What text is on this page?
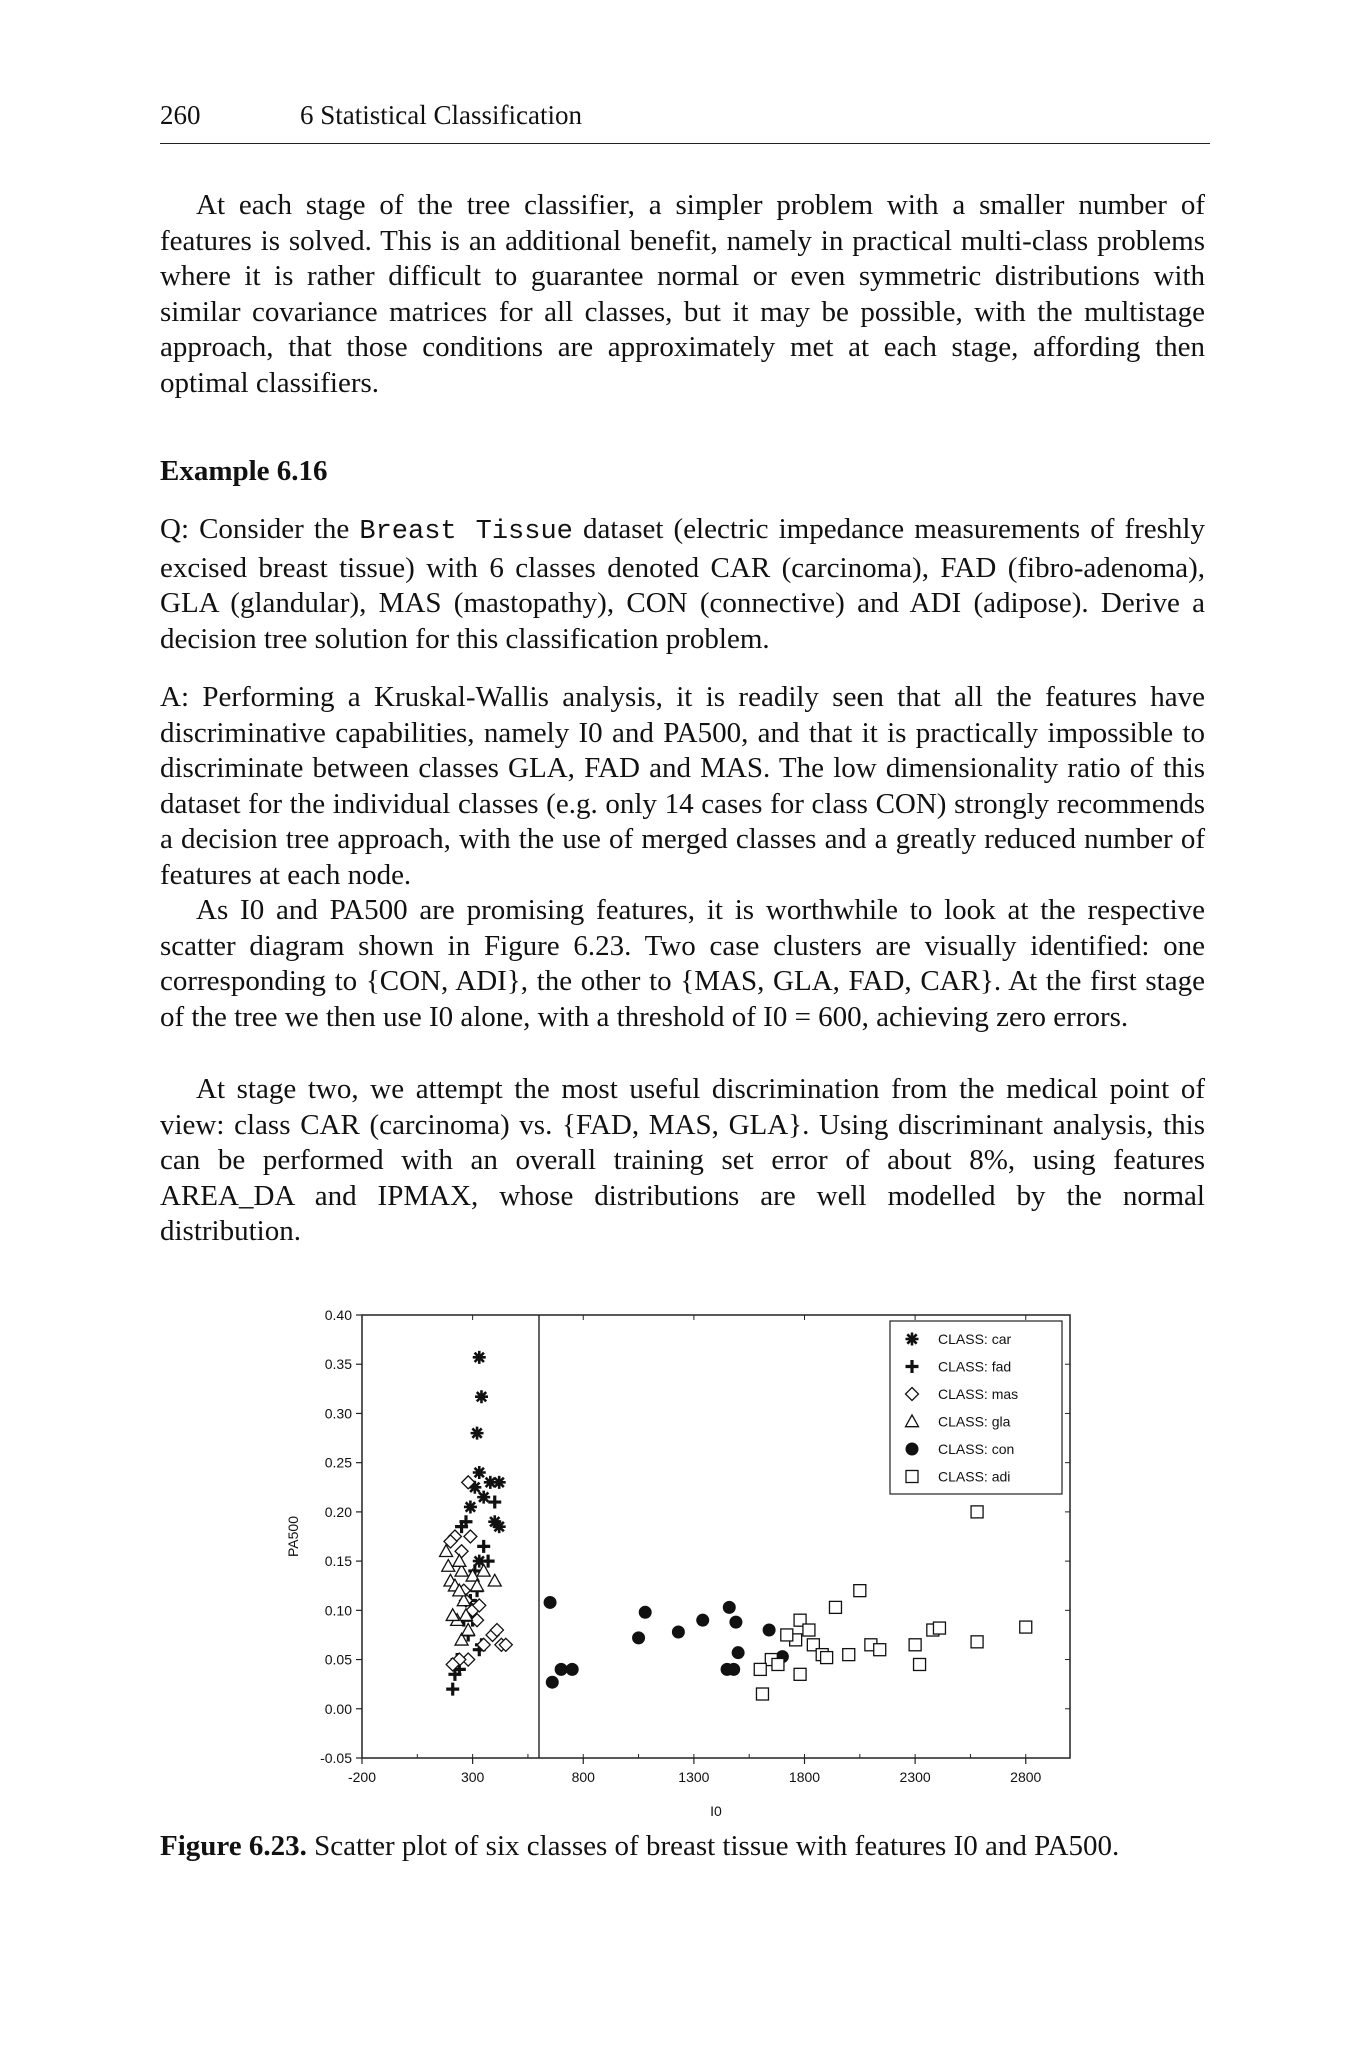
260	6 Statistical Classification

At each stage of the tree classifier, a simpler problem with a smaller number of features is solved. This is an additional benefit, namely in practical multi-class problems where it is rather difficult to guarantee normal or even symmetric distributions with similar covariance matrices for all classes, but it may be possible, with the multistage approach, that those conditions are approximately met at each stage, affording then optimal classifiers.

Example 6.16

Q: Consider the Breast Tissue dataset (electric impedance measurements of freshly excised breast tissue) with 6 classes denoted CAR (carcinoma), FAD (fibro-adenoma), GLA (glandular), MAS (mastopathy), CON (connective) and ADI (adipose). Derive a decision tree solution for this classification problem.

A: Performing a Kruskal-Wallis analysis, it is readily seen that all the features have discriminative capabilities, namely I0 and PA500, and that it is practically impossible to discriminate between classes GLA, FAD and MAS. The low dimensionality ratio of this dataset for the individual classes (e.g. only 14 cases for class CON) strongly recommends a decision tree approach, with the use of merged classes and a greatly reduced number of features at each node.

As I0 and PA500 are promising features, it is worthwhile to look at the respective scatter diagram shown in Figure 6.23. Two case clusters are visually identified: one corresponding to {CON, ADI}, the other to {MAS, GLA, FAD, CAR}. At the first stage of the tree we then use I0 alone, with a threshold of I0 = 600, achieving zero errors.

At stage two, we attempt the most useful discrimination from the medical point of view: class CAR (carcinoma) vs. {FAD, MAS, GLA}. Using discriminant analysis, this can be performed with an overall training set error of about 8%, using features AREA_DA and IPMAX, whose distributions are well modelled by the normal distribution.

-0.05
0.00
0.05
0.10
0.15
0.20
0.25
0.30
0.35
0.40
-200	300	800	1300	1800	2300	2800
I0
PA500
CLASS: car
CLASS: fad
CLASS: mas
CLASS: gla
CLASS: con
CLASS: adi
Figure 6.23. Scatter plot of six classes of breast tissue with features I0 and PA500.
